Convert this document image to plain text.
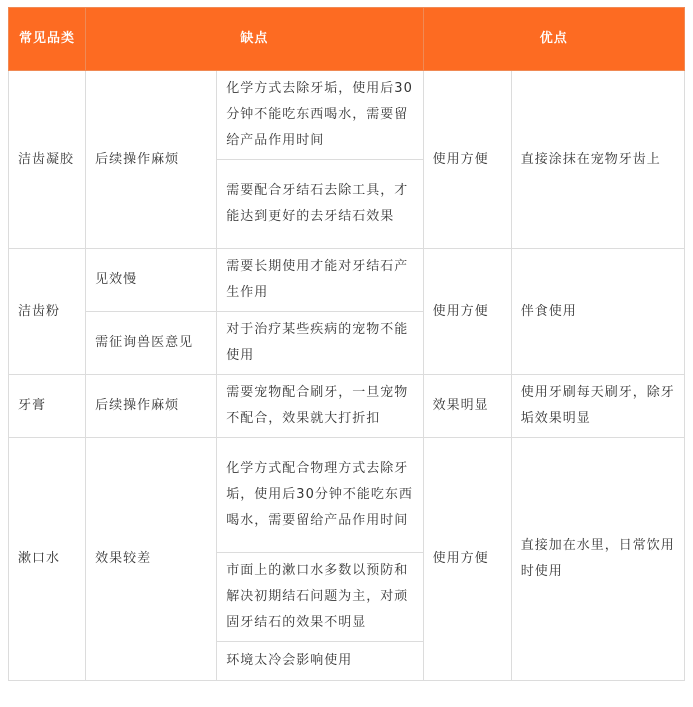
常见品类	缺点		优点	
洁齿凝胶	后续操作麻烦	化学方式去除牙垢，使用后30分钟不能吃东西喝水，需要留给产品作用时间	使用方便	直接涂抹在宠物牙齿上
		需要配合牙结石去除工具，才能达到更好的去牙结石效果		
洁齿粉	见效慢	需要长期使用才能对牙结石产生作用	使用方便	伴食使用
	需征询兽医意见	对于治疗某些疾病的宠物不能使用		
牙膏	后续操作麻烦	需要宠物配合刷牙，一旦宠物不配合，效果就大打折扣	效果明显	使用牙刷每天刷牙，除牙垢效果明显
漱口水	效果较差	化学方式配合物理方式去除牙垢，使用后30分钟不能吃东西喝水，需要留给产品作用时间	使用方便	直接加在水里，日常饮用时使用
		市面上的漱口水多数以预防和解决初期结石问题为主，对顽固牙结石的效果不明显		
		环境太冷会影响使用		
